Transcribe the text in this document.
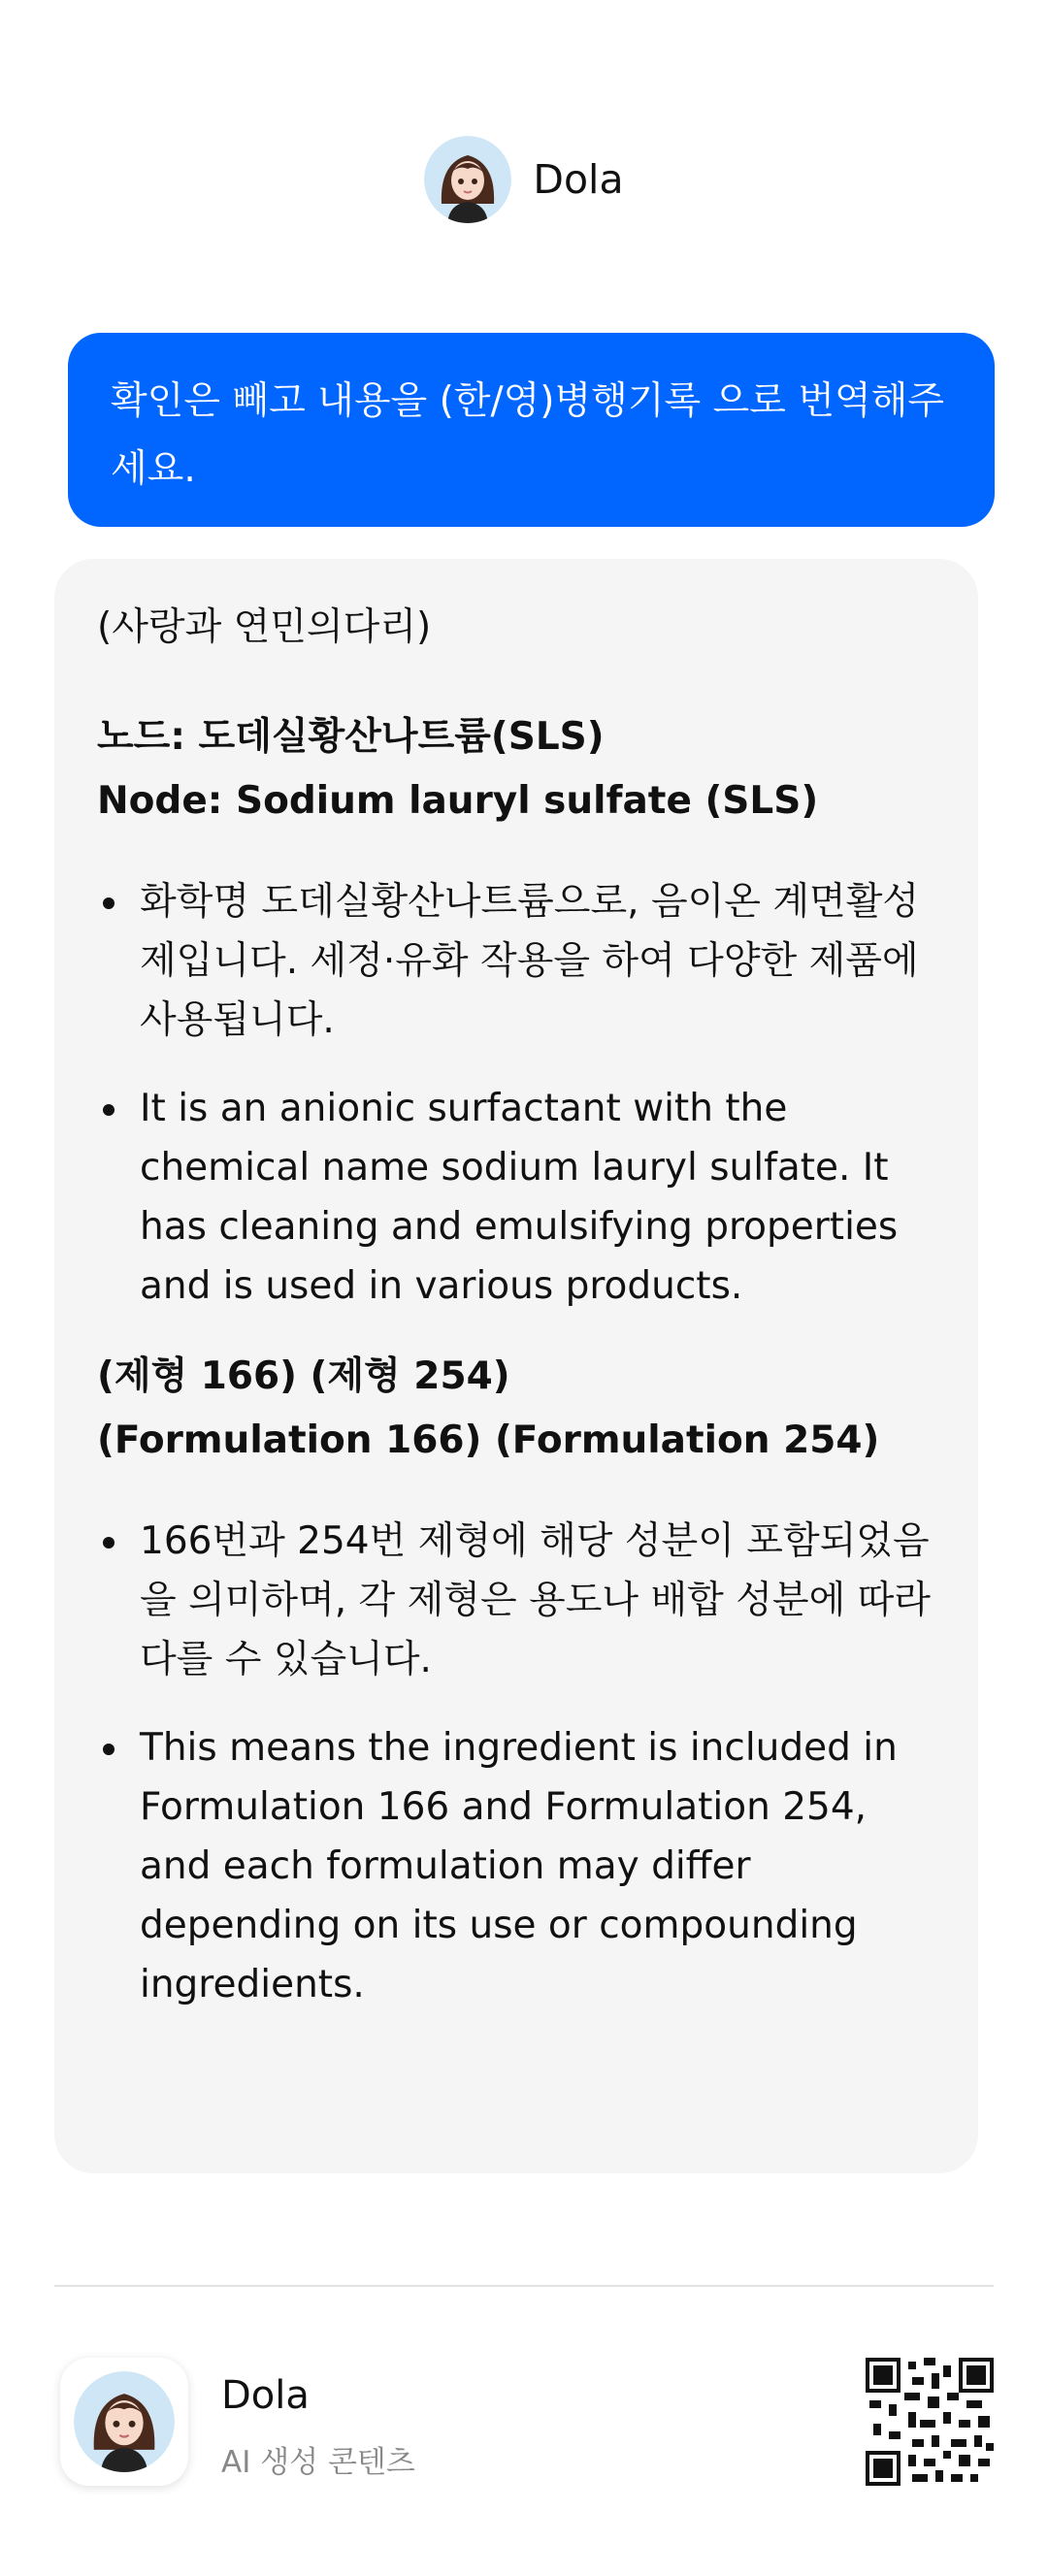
Dola
확인은 빼고 내용을 (한/영)병행기록 으로 번역해주세요.

(사랑과 연민의다리)

노드: 도데실황산나트륨(SLS)

Node: Sodium lauryl sulfate (SLS)

화학명 도데실황산나트륨으로, 음이온 계면활성제입니다. 세정·유화 작용을 하여 다양한 제품에 사용됩니다.
It is an anionic surfactant with the chemical name sodium lauryl sulfate. It has cleaning and emulsifying properties and is used in various products.

(제형 166) (제형 254)

(Formulation 166) (Formulation 254)

166번과 254번 제형에 해당 성분이 포함되었음을 의미하며, 각 제형은 용도나 배합 성분에 따라 다를 수 있습니다.
This means the ingredient is included in Formulation 166 and Formulation 254, and each formulation may differ depending on its use or compounding ingredients.
Dola
AI 생성 콘텐츠
